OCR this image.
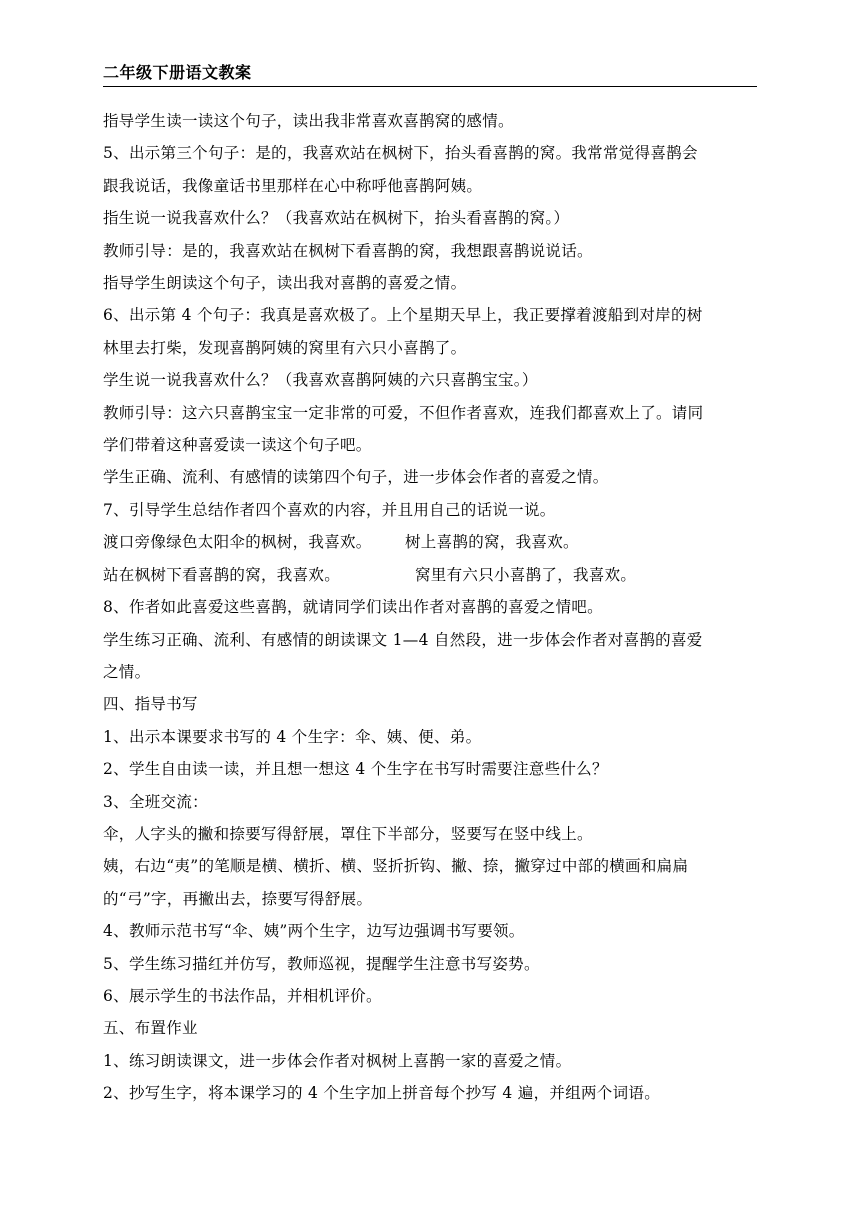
二年级下册语文教案

指导学生读一读这个句子，读出我非常喜欢喜鹊窝的感情。

5、出示第三个句子：是的，我喜欢站在枫树下，抬头看喜鹊的窝。我常常觉得喜鹊会

跟我说话，我像童话书里那样在心中称呼他喜鹊阿姨。

指生说一说我喜欢什么？（我喜欢站在枫树下，抬头看喜鹊的窝。）

教师引导：是的，我喜欢站在枫树下看喜鹊的窝，我想跟喜鹊说说话。

指导学生朗读这个句子，读出我对喜鹊的喜爱之情。

6、出示第 4 个句子：我真是喜欢极了。上个星期天早上，我正要撑着渡船到对岸的树

林里去打柴，发现喜鹊阿姨的窝里有六只小喜鹊了。

学生说一说我喜欢什么？（我喜欢喜鹊阿姨的六只喜鹊宝宝。）

教师引导：这六只喜鹊宝宝一定非常的可爱，不但作者喜欢，连我们都喜欢上了。请同

学们带着这种喜爱读一读这个句子吧。

学生正确、流利、有感情的读第四个句子，进一步体会作者的喜爱之情。

7、引导学生总结作者四个喜欢的内容，并且用自己的话说一说。

渡口旁像绿色太阳伞的枫树，我喜欢。	树上喜鹊的窝，我喜欢。
站在枫树下看喜鹊的窝，我喜欢。	窝里有六只小喜鹊了，我喜欢。

8、作者如此喜爱这些喜鹊，就请同学们读出作者对喜鹊的喜爱之情吧。

学生练习正确、流利、有感情的朗读课文 1—4 自然段，进一步体会作者对喜鹊的喜爱

之情。

四、指导书写

1、出示本课要求书写的 4 个生字：伞、姨、便、弟。

2、学生自由读一读，并且想一想这 4 个生字在书写时需要注意些什么？

3、全班交流：

伞，人字头的撇和捺要写得舒展，罩住下半部分，竖要写在竖中线上。

姨，右边“夷”的笔顺是横、横折、横、竖折折钩、撇、捺，撇穿过中部的横画和扁扁

的“弓”字，再撇出去，捺要写得舒展。

4、教师示范书写“伞、姨”两个生字，边写边强调书写要领。

5、学生练习描红并仿写，教师巡视，提醒学生注意书写姿势。

6、展示学生的书法作品，并相机评价。

五、布置作业

1、练习朗读课文，进一步体会作者对枫树上喜鹊一家的喜爱之情。

2、抄写生字，将本课学习的 4 个生字加上拼音每个抄写 4 遍，并组两个词语。
